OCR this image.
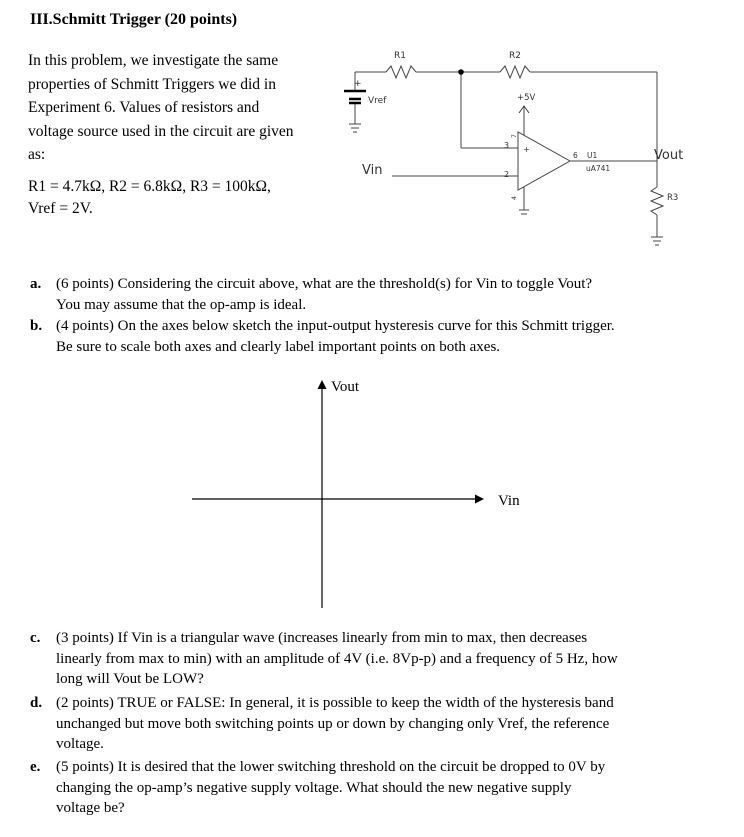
III.Schmitt Trigger (20 points)
In this problem, we investigate the same
properties of Schmitt Triggers we did in
Experiment 6. Values of resistors and
voltage source used in the circuit are given
as:
R1 = 4.7kΩ, R2 = 6.8kΩ, R3 = 100kΩ,
Vref = 2V.
+
Vref
R1	R2
+5V
Vin
3
2
+
7
4
6 U1
uA741
Vout
R3
a. (6 points) Considering the circuit above, what are the threshold(s) for Vin to toggle Vout?
You may assume that the op-amp is ideal.
b. (4 points) On the axes below sketch the input-output hysteresis curve for this Schmitt trigger.
Be sure to scale both axes and clearly label important points on both axes.
Vout
Vin
c. (3 points) If Vin is a triangular wave (increases linearly from min to max, then decreases
linearly from max to min) with an amplitude of 4V (i.e. 8Vp-p) and a frequency of 5 Hz, how
long will Vout be LOW?
d. (2 points) TRUE or FALSE: In general, it is possible to keep the width of the hysteresis band
unchanged but move both switching points up or down by changing only Vref, the reference
voltage.
e. (5 points) It is desired that the lower switching threshold on the circuit be dropped to 0V by
changing the op-amp’s negative supply voltage. What should the new negative supply
voltage be?
